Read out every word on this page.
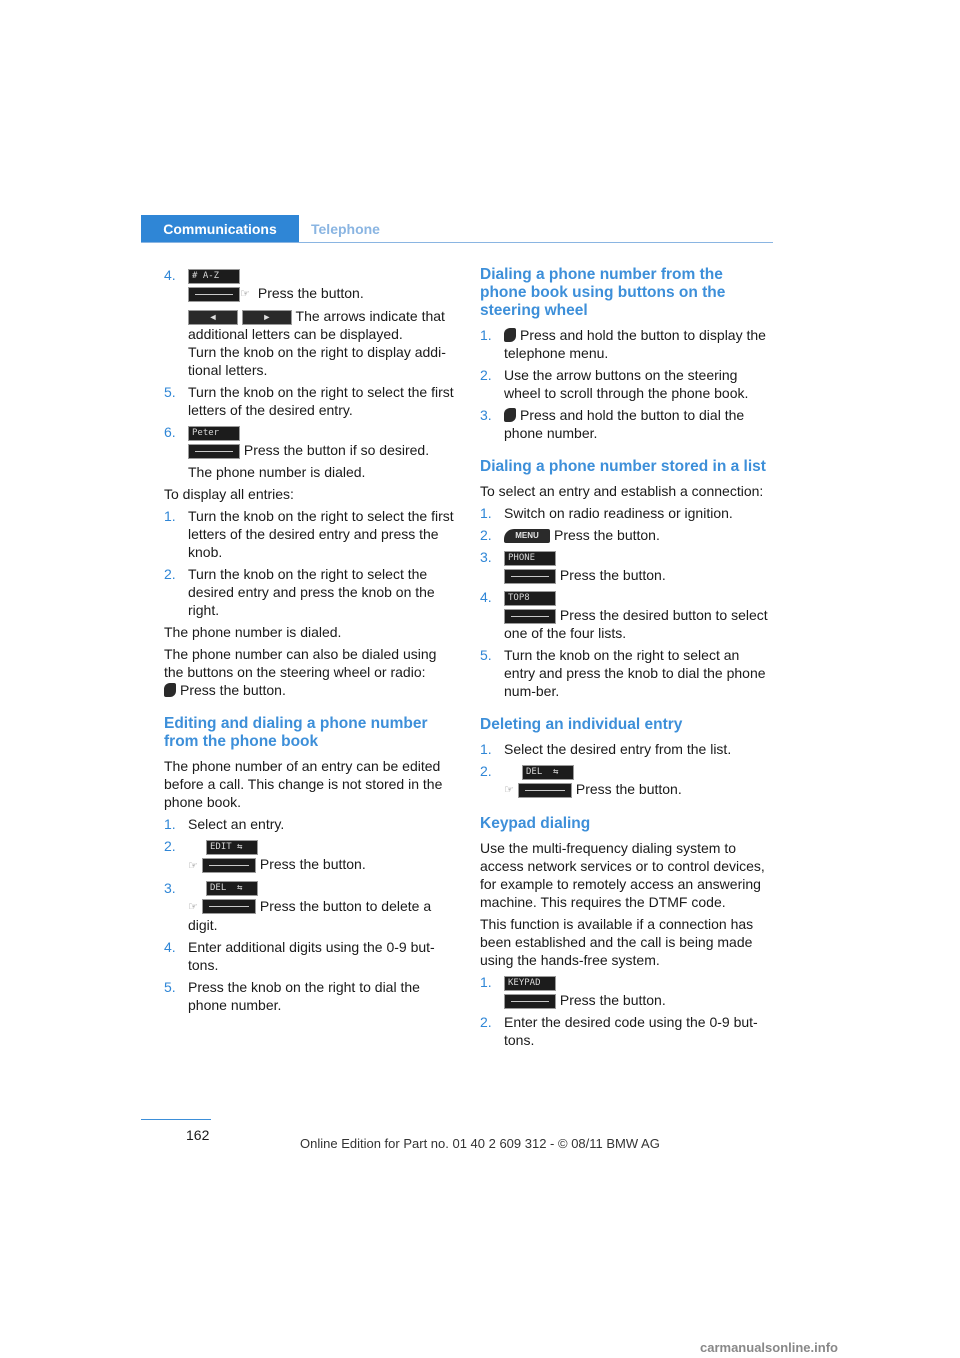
Communications	Telephone
4.	# A-Z
☞ Press the button.
◄	► The arrows indicate that additional letters can be displayed.

Turn the knob on the right to display addi-tional letters.

5. Turn the knob on the right to select the first letters of the desired entry.
6.	Peter
Press the button if so desired.

The phone number is dialed.

To display all entries:

1. Turn the knob on the right to select the first letters of the desired entry and press the knob.
2. Turn the knob on the right to select the desired entry and press the knob on the right.

The phone number is dialed.

The phone number can also be dialed using the buttons on the steering wheel or radio:

Press the button.

Editing and dialing a phone number from the phone book

The phone number of an entry can be edited before a call. This change is not stored in the phone book.

1. Select an entry.
2.	EDIT ⇆
☞	Press the button.
3.	DEL  ⇆
☞	Press the button to delete a digit.
4. Enter additional digits using the 0-9 but-tons.
5. Press the knob on the right to dial the phone number.
Dialing a phone number from the phone book using buttons on the steering wheel
1.	Press and hold the button to display the telephone menu.
2. Use the arrow buttons on the steering wheel to scroll through the phone book.
3.	Press and hold the button to dial the phone number.
Dialing a phone number stored in a list

To select an entry and establish a connection:

1. Switch on radio readiness or ignition.
2.	MENU Press the button.
3.	PHONE
Press the button.
4.	TOP8
Press the desired button to select one of the four lists.
5. Turn the knob on the right to select an entry and press the knob to dial the phone num-ber.
Deleting an individual entry
1. Select the desired entry from the list.
2.	DEL  ⇆
☞	Press the button.
Keypad dialing

Use the multi-frequency dialing system to access network services or to control devices, for example to remotely access an answering machine. This requires the DTMF code.

This function is available if a connection has been established and the call is being made using the hands-free system.

1.	KEYPAD
Press the button.
2. Enter the desired code using the 0-9 but-tons.
162
Online Edition for Part no. 01 40 2 609 312 - © 08/11 BMW AG
carmanualsonline.info
